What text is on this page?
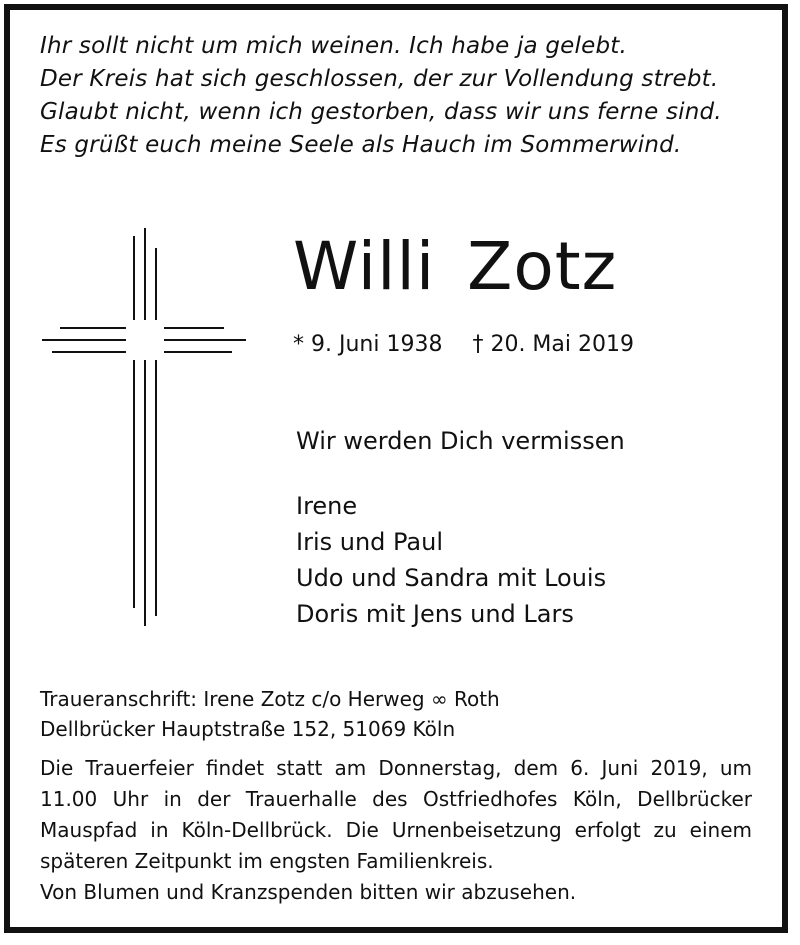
Ihr sollt nicht um mich weinen. Ich habe ja gelebt.
Der Kreis hat sich geschlossen, der zur Vollendung strebt.
Glaubt nicht, wenn ich gestorben, dass wir uns ferne sind.
Es grüßt euch meine Seele als Hauch im Sommerwind.
Willi Zotz
* 9. Juni 1938 † 20. Mai 2019
Wir werden Dich vermissen
Irene
Iris und Paul
Udo und Sandra mit Louis
Doris mit Jens und Lars
Traueranschrift: Irene Zotz c/o Herweg ∞ Roth
Dellbrücker Hauptstraße 152, 51069 Köln
Die Trauerfeier findet statt am Donnerstag, dem 6. Juni 2019, um 11.00 Uhr in der Trauerhalle des Ostfriedhofes Köln, Dellbrücker Mauspfad in Köln-Dellbrück. Die Urnenbeisetzung erfolgt zu einem späteren Zeitpunkt im engsten Familienkreis.
Von Blumen und Kranzspenden bitten wir abzusehen.
